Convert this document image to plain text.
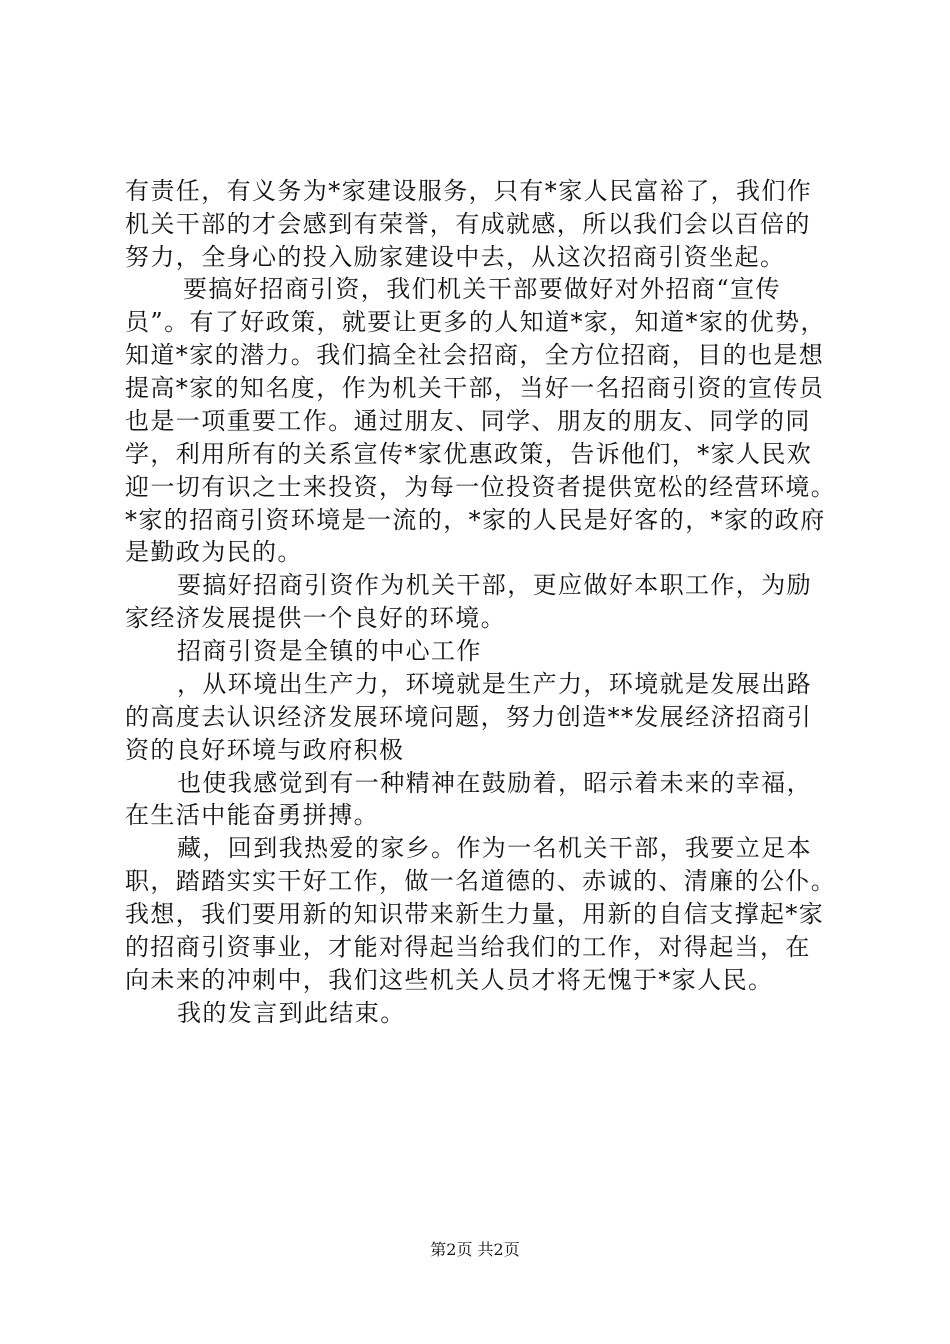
有责任，有义务为*家建设服务，只有*家人民富裕了，我们作
机关干部的才会感到有荣誉，有成就感，所以我们会以百倍的
努力，全身心的投入励家建设中去，从这次招商引资坐起。
要搞好招商引资，我们机关干部要做好对外招商“宣传
员”。有了好政策，就要让更多的人知道*家，知道*家的优势，
知道*家的潜力。我们搞全社会招商，全方位招商，目的也是想
提高*家的知名度，作为机关干部，当好一名招商引资的宣传员
也是一项重要工作。通过朋友、同学、朋友的朋友、同学的同
学，利用所有的关系宣传*家优惠政策，告诉他们，*家人民欢
迎一切有识之士来投资，为每一位投资者提供宽松的经营环境。
*家的招商引资环境是一流的，*家的人民是好客的，*家的政府
是勤政为民的。
要搞好招商引资作为机关干部，更应做好本职工作，为励
家经济发展提供一个良好的环境。
招商引资是全镇的中心工作
，从环境出生产力，环境就是生产力，环境就是发展出路
的高度去认识经济发展环境问题，努力创造**发展经济招商引
资的良好环境与政府积极
也使我感觉到有一种精神在鼓励着，昭示着未来的幸福，
在生活中能奋勇拼搏。
藏，回到我热爱的家乡。作为一名机关干部，我要立足本
职，踏踏实实干好工作，做一名道德的、赤诚的、清廉的公仆。
我想，我们要用新的知识带来新生力量，用新的自信支撑起*家
的招商引资事业，才能对得起当给我们的工作，对得起当，在
向未来的冲刺中，我们这些机关人员才将无愧于*家人民。
我的发言到此结束。
第2页 共2页
